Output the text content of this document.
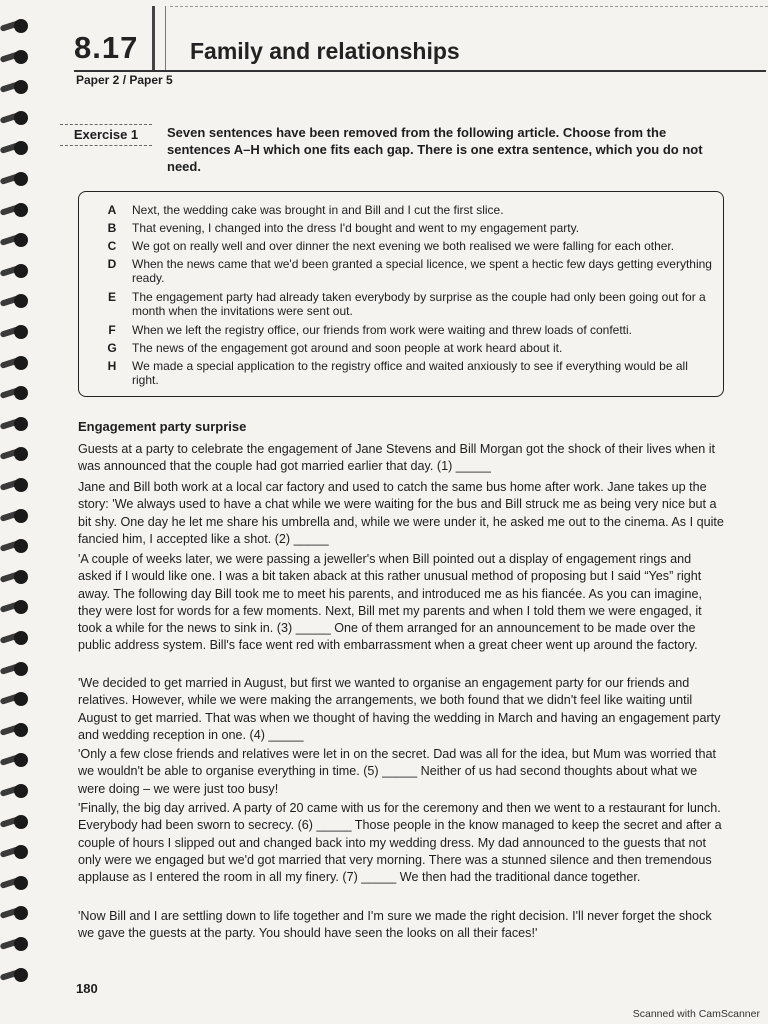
8.17 Family and relationships
Paper 2 / Paper 5
Exercise 1	Seven sentences have been removed from the following article. Choose from the sentences A–H which one fits each gap. There is one extra sentence, which you do not need.
A Next, the wedding cake was brought in and Bill and I cut the first slice.
B That evening, I changed into the dress I'd bought and went to my engagement party.
C We got on really well and over dinner the next evening we both realised we were falling for each other.
D When the news came that we'd been granted a special licence, we spent a hectic few days getting everything ready.
E The engagement party had already taken everybody by surprise as the couple had only been going out for a month when the invitations were sent out.
F When we left the registry office, our friends from work were waiting and threw loads of confetti.
G The news of the engagement got around and soon people at work heard about it.
H We made a special application to the registry office and waited anxiously to see if everything would be all right.
Engagement party surprise
Guests at a party to celebrate the engagement of Jane Stevens and Bill Morgan got the shock of their lives when it was announced that the couple had got married earlier that day. (1) _____
Jane and Bill both work at a local car factory and used to catch the same bus home after work. Jane takes up the story: 'We always used to have a chat while we were waiting for the bus and Bill struck me as being very nice but a bit shy. One day he let me share his umbrella and, while we were under it, he asked me out to the cinema. As I quite fancied him, I accepted like a shot. (2) _____
'A couple of weeks later, we were passing a jeweller's when Bill pointed out a display of engagement rings and asked if I would like one. I was a bit taken aback at this rather unusual method of proposing but I said “Yes” right away. The following day Bill took me to meet his parents, and introduced me as his fiancée. As you can imagine, they were lost for words for a few moments. Next, Bill met my parents and when I told them we were engaged, it took a while for the news to sink in. (3) _____ One of them arranged for an announcement to be made over the public address system. Bill's face went red with embarrassment when a great cheer went up around the factory.
'We decided to get married in August, but first we wanted to organise an engagement party for our friends and relatives. However, while we were making the arrangements, we both found that we didn't feel like waiting until August to get married. That was when we thought of having the wedding in March and having an engagement party and wedding reception in one. (4) _____
'Only a few close friends and relatives were let in on the secret. Dad was all for the idea, but Mum was worried that we wouldn't be able to organise everything in time. (5) _____ Neither of us had second thoughts about what we were doing – we were just too busy!
'Finally, the big day arrived. A party of 20 came with us for the ceremony and then we went to a restaurant for lunch. Everybody had been sworn to secrecy. (6) _____ Those people in the know managed to keep the secret and after a couple of hours I slipped out and changed back into my wedding dress. My dad announced to the guests that not only were we engaged but we'd got married that very morning. There was a stunned silence and then tremendous applause as I entered the room in all my finery. (7) _____ We then had the traditional dance together.
'Now Bill and I are settling down to life together and I'm sure we made the right decision. I'll never forget the shock we gave the guests at the party. You should have seen the looks on all their faces!'
180
Scanned with CamScanner
